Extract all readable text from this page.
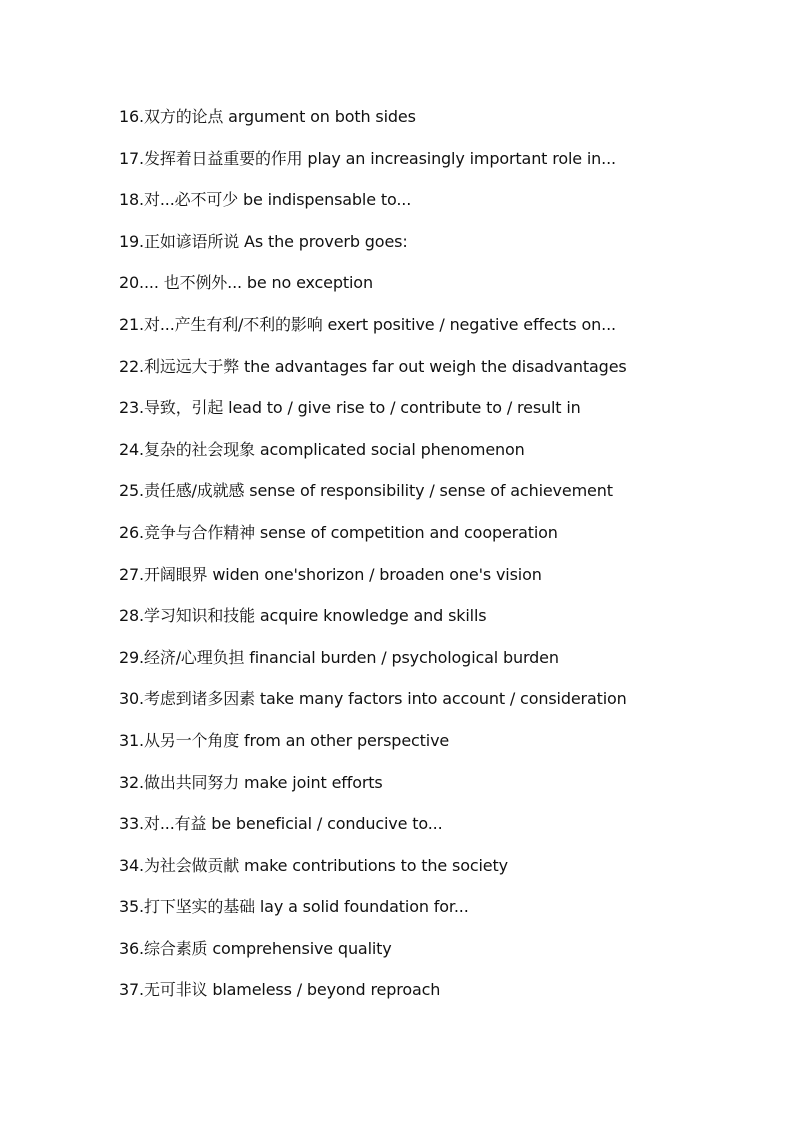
16.双方的论点 argument on both sides
17.发挥着日益重要的作用 play an increasingly important role in...
18.对...必不可少 be indispensable to...
19.正如谚语所说 As the proverb goes:
20.... 也不例外... be no exception
21.对...产生有利/不利的影响 exert positive / negative effects on...
22.利远远大于弊 the advantages far out weigh the disadvantages
23.导致，引起 lead to / give rise to / contribute to / result in
24.复杂的社会现象 acomplicated social phenomenon
25.责任感/成就感 sense of responsibility / sense of achievement
26.竞争与合作精神 sense of competition and cooperation
27.开阔眼界 widen one'shorizon / broaden one's vision
28.学习知识和技能 acquire knowledge and skills
29.经济/心理负担 financial burden / psychological burden
30.考虑到诸多因素 take many factors into account / consideration
31.从另一个角度 from an other perspective
32.做出共同努力 make joint efforts
33.对...有益 be beneficial / conducive to...
34.为社会做贡献 make contributions to the society
35.打下坚实的基础 lay a solid foundation for...
36.综合素质 comprehensive quality
37.无可非议 blameless / beyond reproach
